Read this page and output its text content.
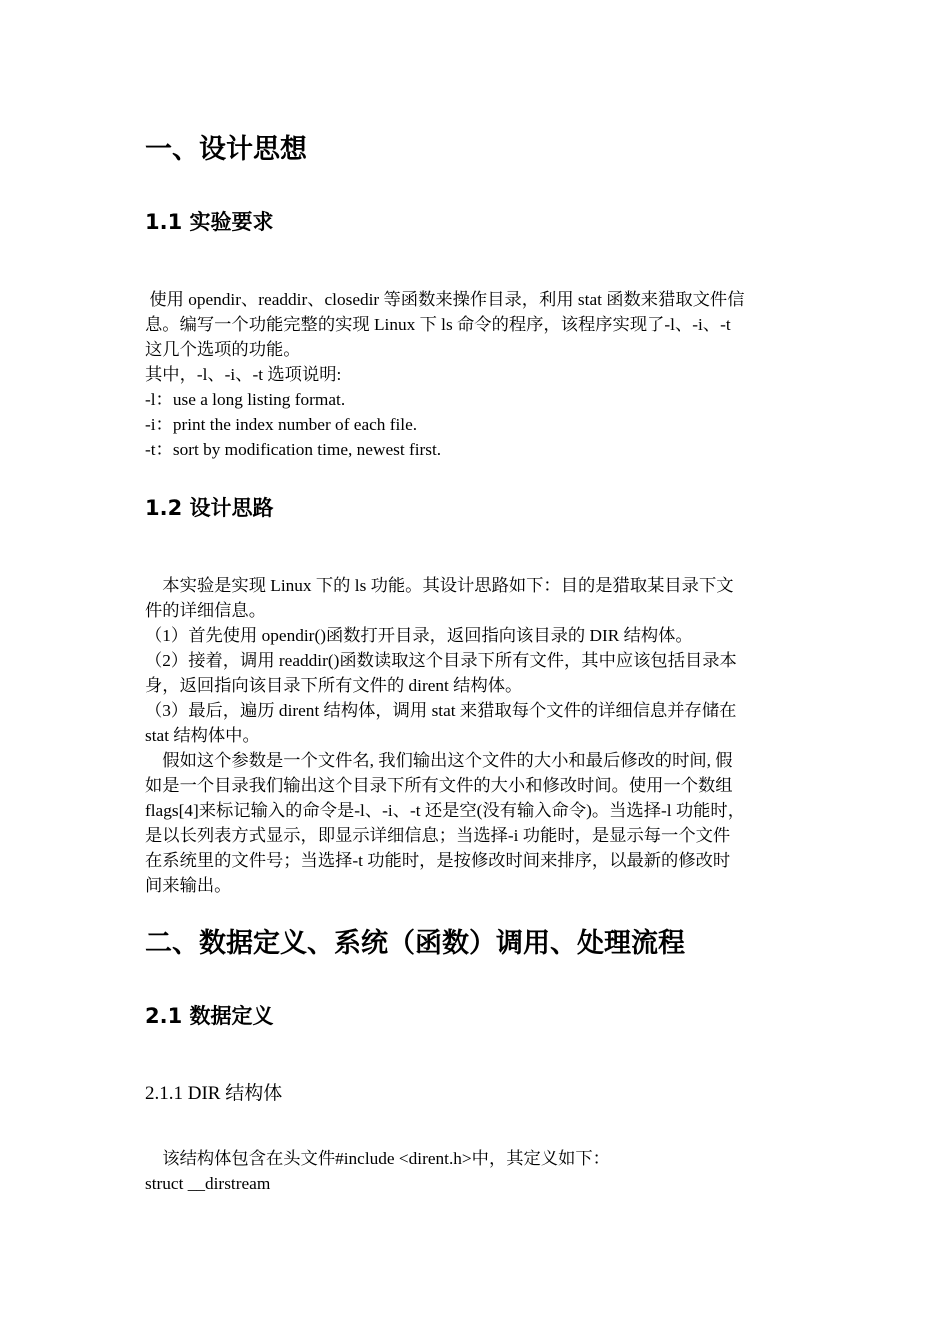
一、设计思想
1.1 实验要求
使用 opendir、readdir、closedir 等函数来操作目录，利用 stat 函数来猎取文件信
息。编写一个功能完整的实现 Linux 下 ls 命令的程序，该程序实现了-l、-i、-t
这几个选项的功能。
其中，-l、-i、-t 选项说明:
-l：use a long listing format.
-i：print the index number of each file.
-t：sort by modification time, newest first.
1.2 设计思路
本实验是实现 Linux 下的 ls 功能。其设计思路如下：目的是猎取某目录下文
件的详细信息。
（1）首先使用 opendir()函数打开目录，返回指向该目录的 DIR 结构体。
（2）接着，调用 readdir()函数读取这个目录下所有文件，其中应该包括目录本
身，返回指向该目录下所有文件的 dirent 结构体。
（3）最后，遍历 dirent 结构体，调用 stat 来猎取每个文件的详细信息并存储在
stat 结构体中。
假如这个参数是一个文件名, 我们输出这个文件的大小和最后修改的时间, 假
如是一个目录我们输出这个目录下所有文件的大小和修改时间。使用一个数组
flags[4]来标记输入的命令是-l、-i、-t 还是空(没有输入命令)。当选择-l 功能时，
是以长列表方式显示，即显示详细信息；当选择-i 功能时，是显示每一个文件
在系统里的文件号；当选择-t 功能时，是按修改时间来排序，以最新的修改时
间来输出。
二、数据定义、系统（函数）调用、处理流程
2.1 数据定义
2.1.1 DIR 结构体
该结构体包含在头文件#include <dirent.h>中，其定义如下：
struct __dirstream
